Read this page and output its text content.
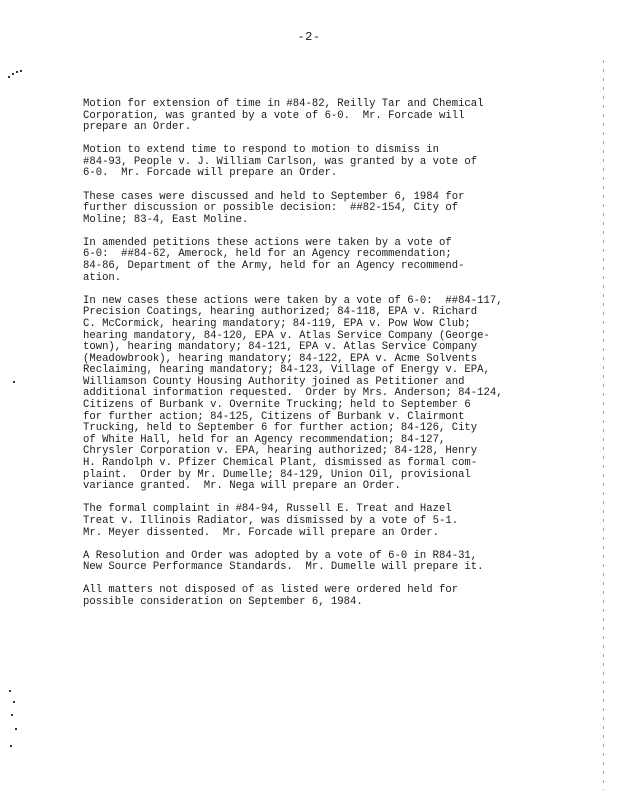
-2-

Motion for extension of time in #84-82, Reilly Tar and Chemical
Corporation, was granted by a vote of 6-0.  Mr. Forcade will
prepare an Order.

Motion to extend time to respond to motion to dismiss in
#84-93, People v. J. William Carlson, was granted by a vote of
6-0.  Mr. Forcade will prepare an Order.

These cases were discussed and held to September 6, 1984 for
further discussion or possible decision:  ##82-154, City of
Moline; 83-4, East Moline.

In amended petitions these actions were taken by a vote of
6-0:  ##84-62, Amerock, held for an Agency recommendation;
84-86, Department of the Army, held for an Agency recommend-
ation.

In new cases these actions were taken by a vote of 6-0:  ##84-117,
Precision Coatings, hearing authorized; 84-118, EPA v. Richard
C. McCormick, hearing mandatory; 84-119, EPA v. Pow Wow Club;
hearing mandatory, 84-120, EPA v. Atlas Service Company (George-
town), hearing mandatory; 84-121, EPA v. Atlas Service Company
(Meadowbrook), hearing mandatory; 84-122, EPA v. Acme Solvents
Reclaiming, hearing mandatory; 84-123, Village of Energy v. EPA,
Williamson County Housing Authority joined as Petitioner and
additional information requested.  Order by Mrs. Anderson; 84-124,
Citizens of Burbank v. Overnite Trucking; held to September 6
for further action; 84-125, Citizens of Burbank v. Clairmont
Trucking, held to September 6 for further action; 84-126, City
of White Hall, held for an Agency recommendation; 84-127,
Chrysler Corporation v. EPA, hearing authorized; 84-128, Henry
H. Randolph v. Pfizer Chemical Plant, dismissed as formal com-
plaint.  Order by Mr. Dumelle; 84-129, Union Oil, provisional
variance granted.  Mr. Nega will prepare an Order.

The formal complaint in #84-94, Russell E. Treat and Hazel
Treat v. Illinois Radiator, was dismissed by a vote of 5-1.
Mr. Meyer dissented.  Mr. Forcade will prepare an Order.

A Resolution and Order was adopted by a vote of 6-0 in R84-31,
New Source Performance Standards.  Mr. Dumelle will prepare it.

All matters not disposed of as listed were ordered held for
possible consideration on September 6, 1984.
